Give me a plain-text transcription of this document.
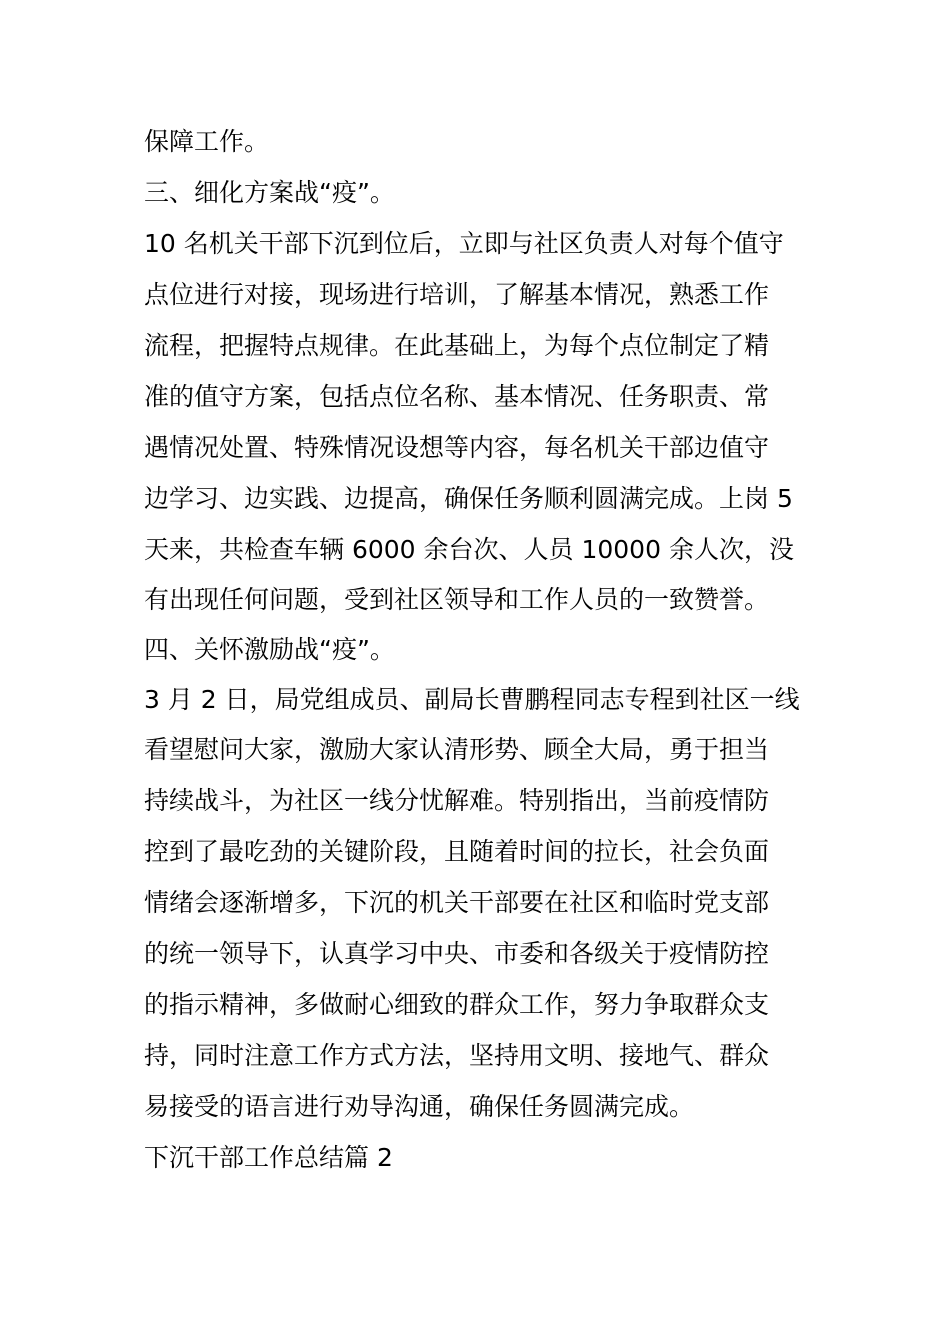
保障工作。
三、细化方案战“疫”。
10 名机关干部下沉到位后，立即与社区负责人对每个值守
点位进行对接，现场进行培训，了解基本情况，熟悉工作
流程，把握特点规律。在此基础上，为每个点位制定了精
准的值守方案，包括点位名称、基本情况、任务职责、常
遇情况处置、特殊情况设想等内容，每名机关干部边值守
边学习、边实践、边提高，确保任务顺利圆满完成。上岗 5
天来，共检查车辆 6000 余台次、人员 10000 余人次，没
有出现任何问题，受到社区领导和工作人员的一致赞誉。
四、关怀激励战“疫”。
3 月 2 日，局党组成员、副局长曹鹏程同志专程到社区一线
看望慰问大家，激励大家认清形势、顾全大局，勇于担当
持续战斗，为社区一线分忧解难。特别指出，当前疫情防
控到了最吃劲的关键阶段，且随着时间的拉长，社会负面
情绪会逐渐增多，下沉的机关干部要在社区和临时党支部
的统一领导下，认真学习中央、市委和各级关于疫情防控
的指示精神，多做耐心细致的群众工作，努力争取群众支
持，同时注意工作方式方法，坚持用文明、接地气、群众
易接受的语言进行劝导沟通，确保任务圆满完成。
下沉干部工作总结篇 2
